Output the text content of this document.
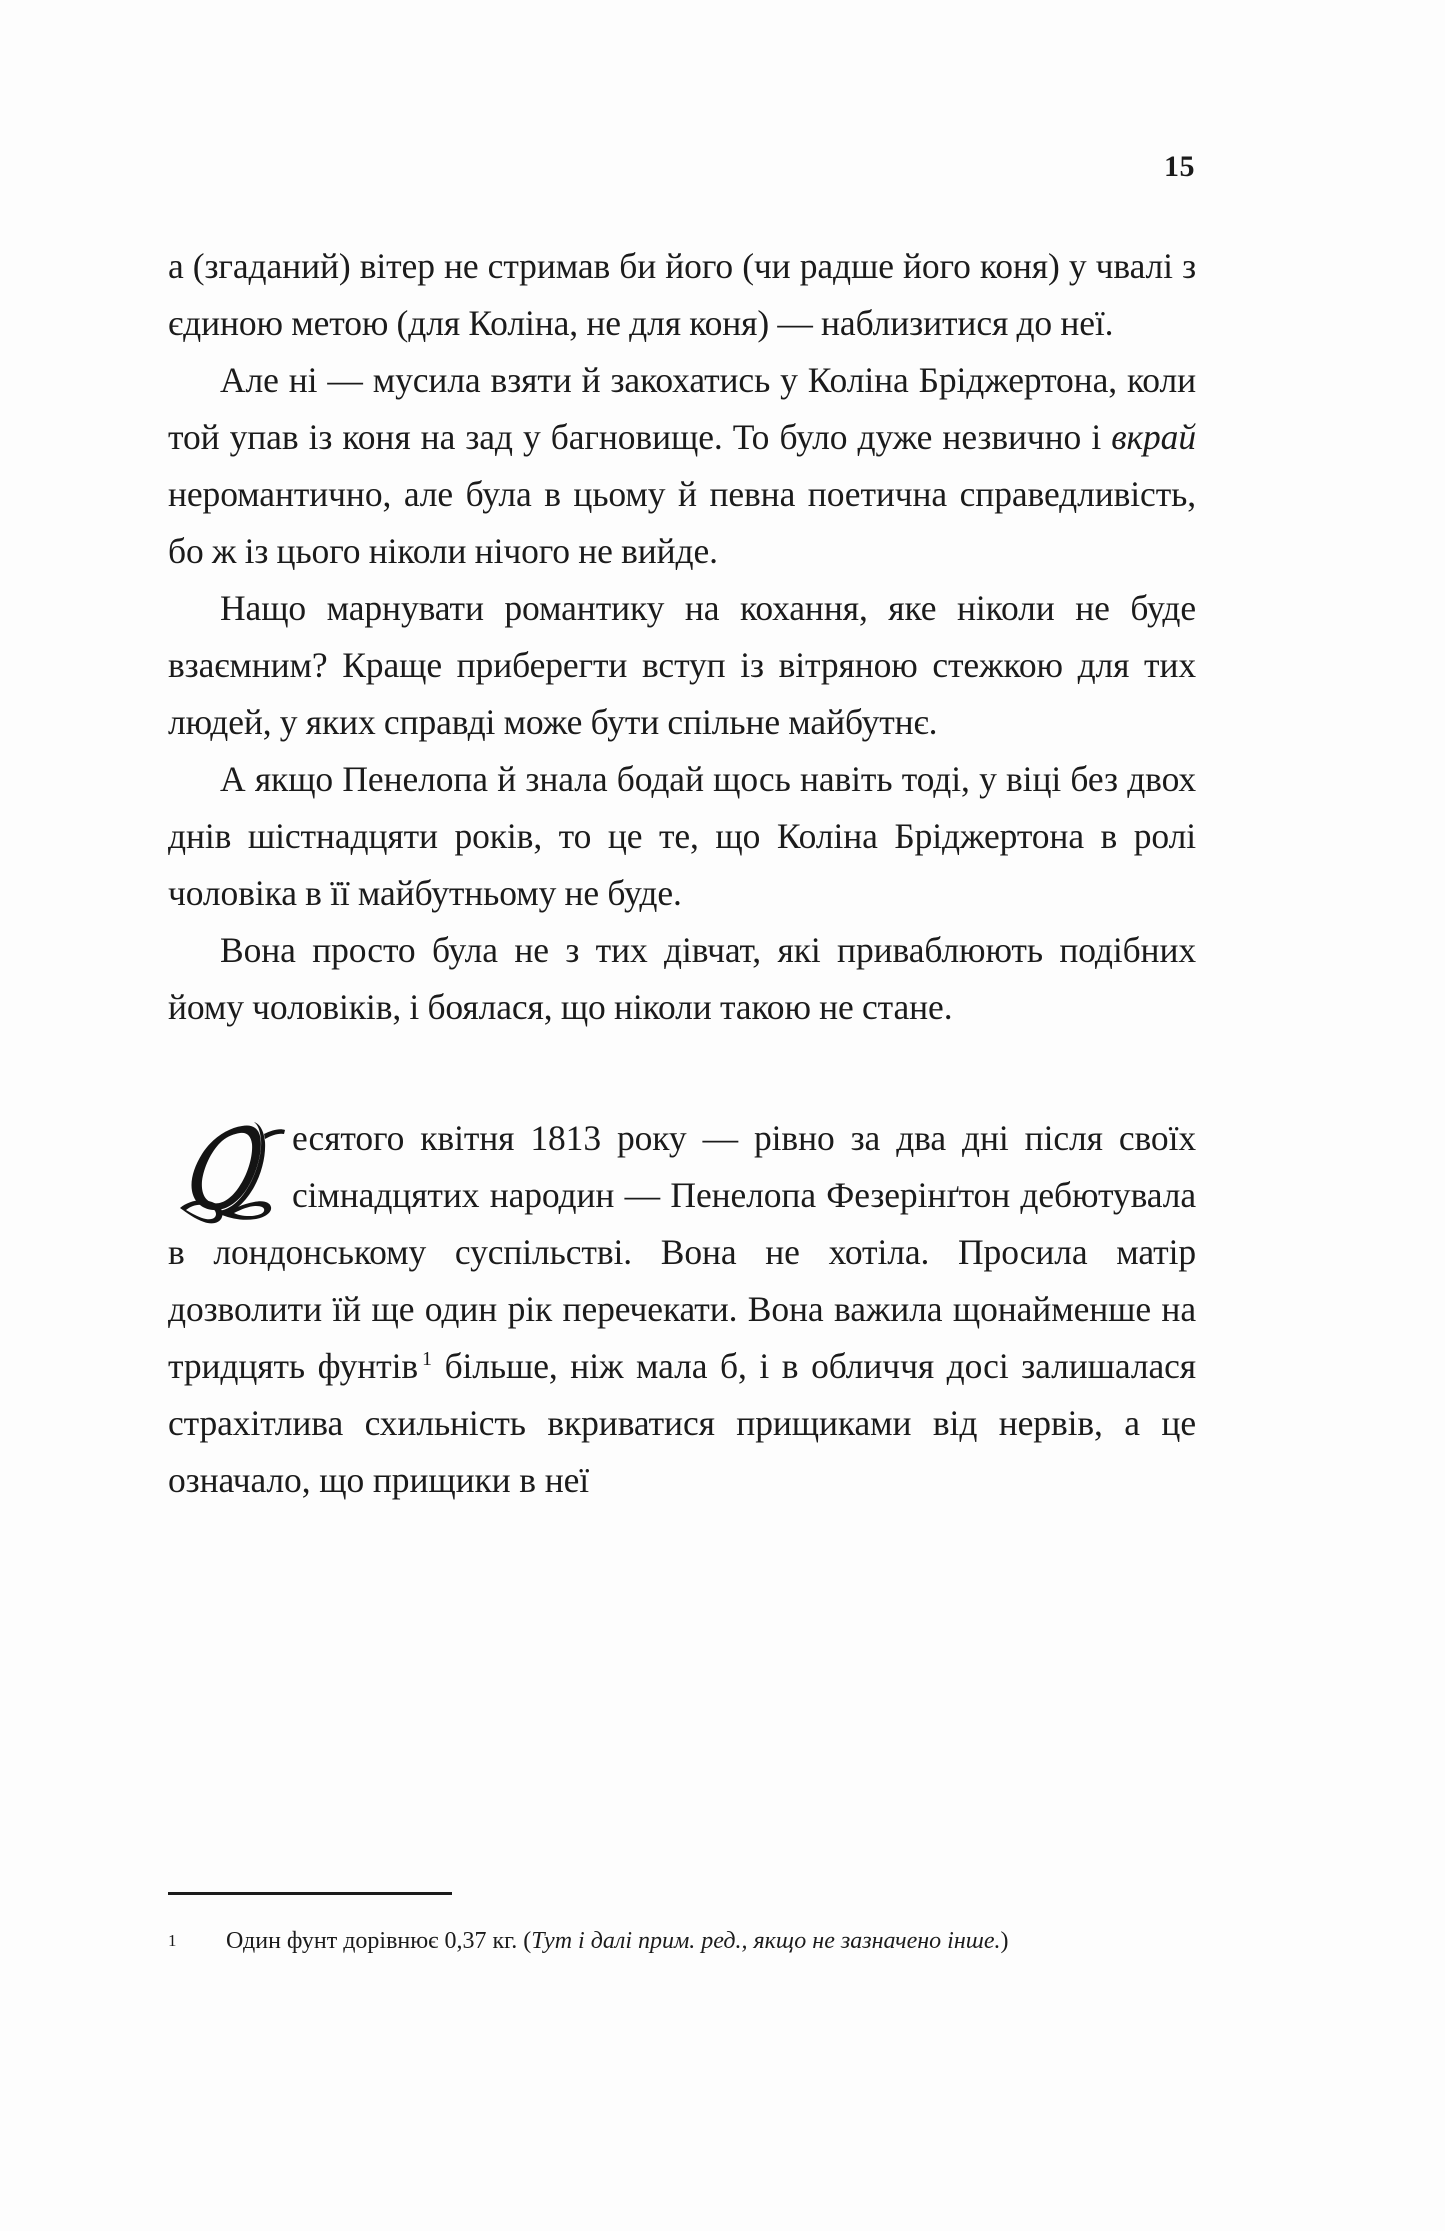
15

а (згаданий) вітер не стримав би його (чи радше його коня) у чвалі з єдиною метою (для Коліна, не для коня) — наблизитися до неї.

Але ні — мусила взяти й закохатись у Коліна Бріджертона, коли той упав із коня на зад у багновище. То було дуже незвично і вкрай неромантично, але була в цьому й певна поетична справедливість, бо ж із цього ніколи нічого не вийде.

Нащо марнувати романтику на кохання, яке ніколи не буде взаємним? Краще приберегти вступ із вітряною стежкою для тих людей, у яких справді може бути спільне майбутнє.

А якщо Пенелопа й знала бодай щось навіть тоді, у віці без двох днів шістнадцяти років, то це те, що Коліна Бріджертона в ролі чоловіка в її майбутньому не буде.

Вона просто була не з тих дівчат, які приваблюють подібних йому чоловіків, і боялася, що ніколи такою не стане.

есятого квітня 1813 року — рівно за два дні після своїх сімнадцятих народин — Пенелопа Фезерінґтон дебютувала в лондонському суспільстві. Вона не хотіла. Просила матір дозволити їй ще один рік перечекати. Вона важила щонайменше на тридцять фунтів $^1$ більше, ніж мала б, і в обличчя досі залишалася страхітлива схильність вкриватися прищиками від нервів, а це означало, що прищики в неї

1	Один фунт дорівнює 0,37 кг. (Тут і далі прим. ред., якщо не зазначено інше.)
